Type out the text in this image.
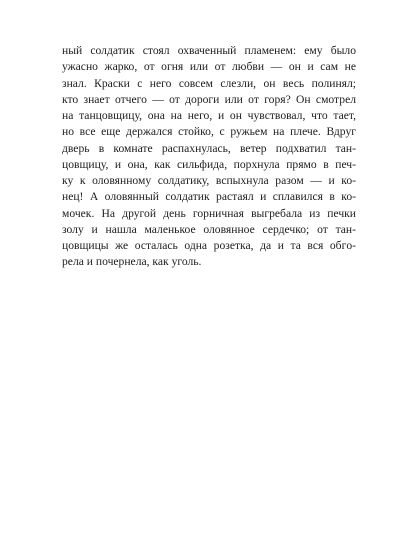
ный солдатик стоял охваченный пламенем: ему было
ужасно жарко, от огня или от любви — он и сам не
знал. Краски с него совсем слезли, он весь полинял;
кто знает отчего — от дороги или от горя? Он смотрел
на танцовщицу, она на него, и он чувствовал, что тает,
но все еще держался стойко, с ружьем на плече. Вдруг
дверь в комнате распахнулась, ветер подхватил тан-
цовщицу, и она, как сильфида, порхнула прямо в печ-
ку к оловянному солдатику, вспыхнула разом — и ко-
нец! А оловянный солдатик растаял и сплавился в ко-
мочек. На другой день горничная выгребала из печки
золу и нашла маленькое оловянное сердечко; от тан-
цовщицы же осталась одна розетка, да и та вся обгo-
рела и почернела, как уголь.
